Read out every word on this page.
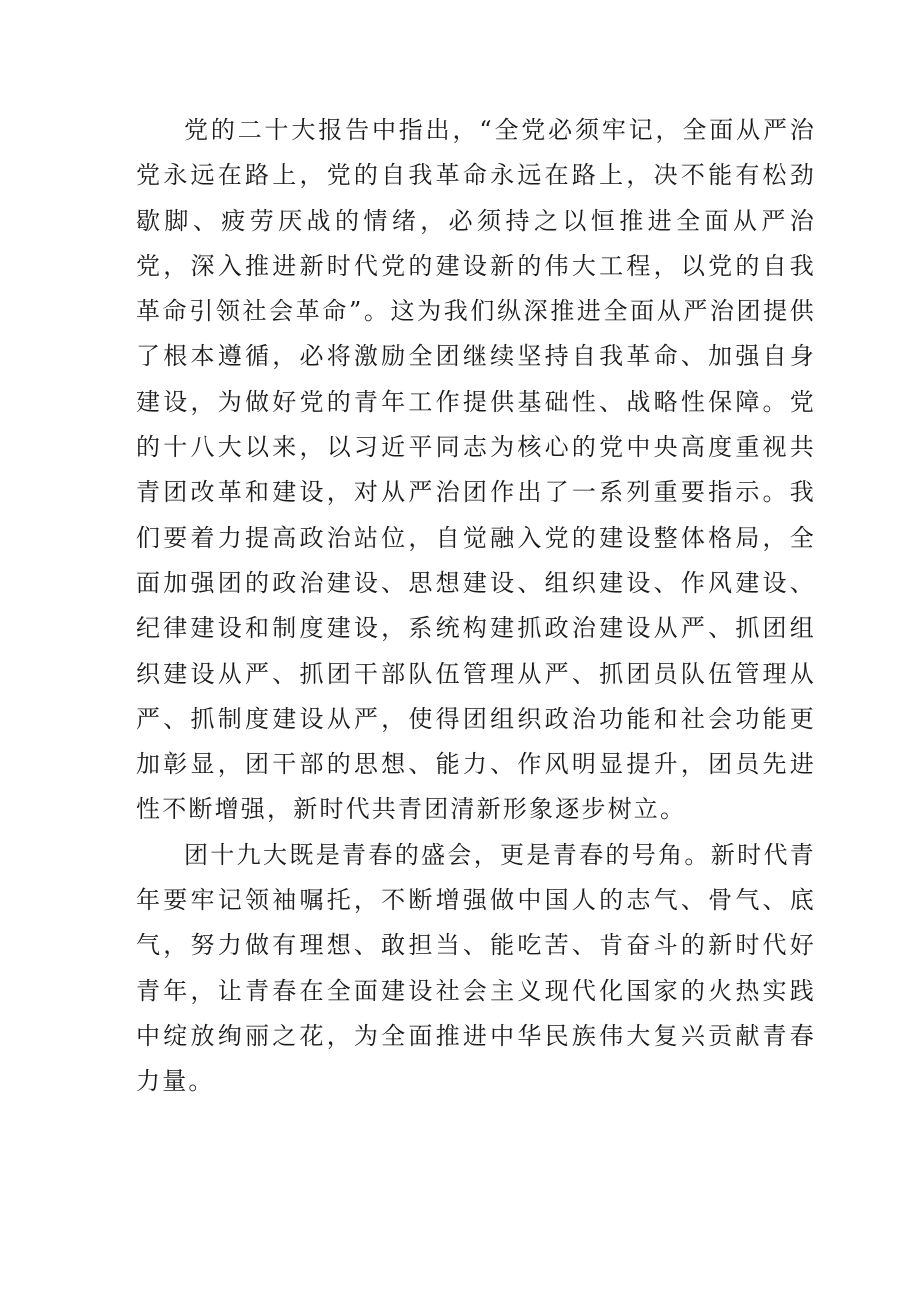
党的二十大报告中指出，“全党必须牢记，全面从严治党永远在路上，党的自我革命永远在路上，决不能有松劲歇脚、疲劳厌战的情绪，必须持之以恒推进全面从严治党，深入推进新时代党的建设新的伟大工程，以党的自我革命引领社会革命”。这为我们纵深推进全面从严治团提供了根本遵循，必将激励全团继续坚持自我革命、加强自身建设，为做好党的青年工作提供基础性、战略性保障。党的十八大以来，以习近平同志为核心的党中央高度重视共青团改革和建设，对从严治团作出了一系列重要指示。我们要着力提高政治站位，自觉融入党的建设整体格局，全面加强团的政治建设、思想建设、组织建设、作风建设、纪律建设和制度建设，系统构建抓政治建设从严、抓团组织建设从严、抓团干部队伍管理从严、抓团员队伍管理从严、抓制度建设从严，使得团组织政治功能和社会功能更加彰显，团干部的思想、能力、作风明显提升，团员先进性不断增强，新时代共青团清新形象逐步树立。

团十九大既是青春的盛会，更是青春的号角。新时代青年要牢记领袖嘱托，不断增强做中国人的志气、骨气、底气，努力做有理想、敢担当、能吃苦、肯奋斗的新时代好青年，让青春在全面建设社会主义现代化国家的火热实践中绽放绚丽之花，为全面推进中华民族伟大复兴贡献青春力量。
